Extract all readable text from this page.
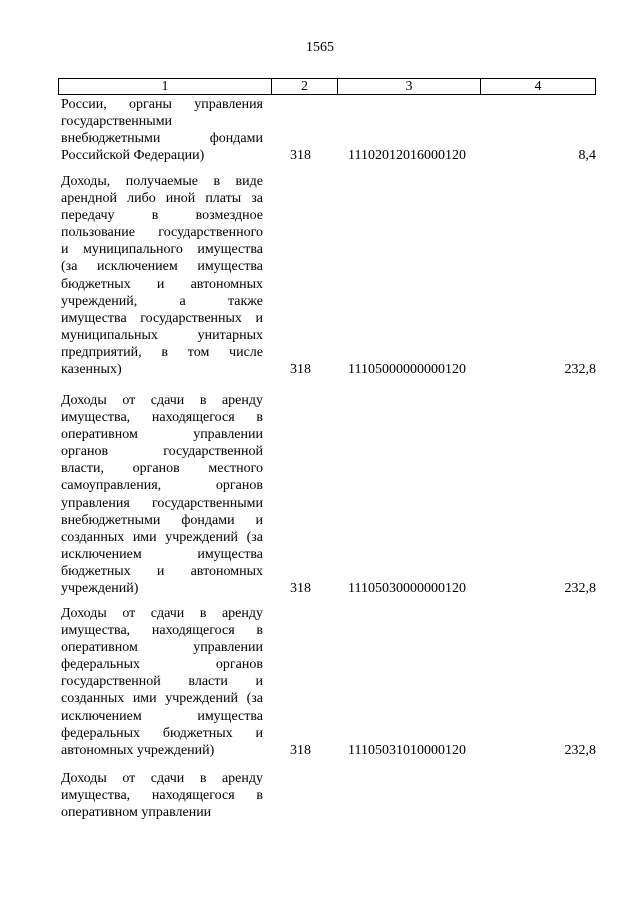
1565
1	2	3	4
России, органы управления
государственными
внебюджетными фондами
Российской Федерации)	318	11102012016000120	8,4
Доходы, получаемые в виде
арендной либо иной платы за
передачу в возмездное
пользование государственного
и муниципального имущества
(за исключением имущества
бюджетных и автономных
учреждений, а также
имущества государственных и
муниципальных унитарных
предприятий, в том числе
казенных)	318	11105000000000120	232,8
Доходы от сдачи в аренду
имущества, находящегося в
оперативном управлении
органов государственной
власти, органов местного
самоуправления, органов
управления государственными
внебюджетными фондами и
созданных ими учреждений (за
исключением имущества
бюджетных и автономных
учреждений)	318	11105030000000120	232,8
Доходы от сдачи в аренду
имущества, находящегося в
оперативном управлении
федеральных органов
государственной власти и
созданных ими учреждений (за
исключением имущества
федеральных бюджетных и
автономных учреждений)	318	11105031010000120	232,8
Доходы от сдачи в аренду
имущества, находящегося в
оперативном управлении
